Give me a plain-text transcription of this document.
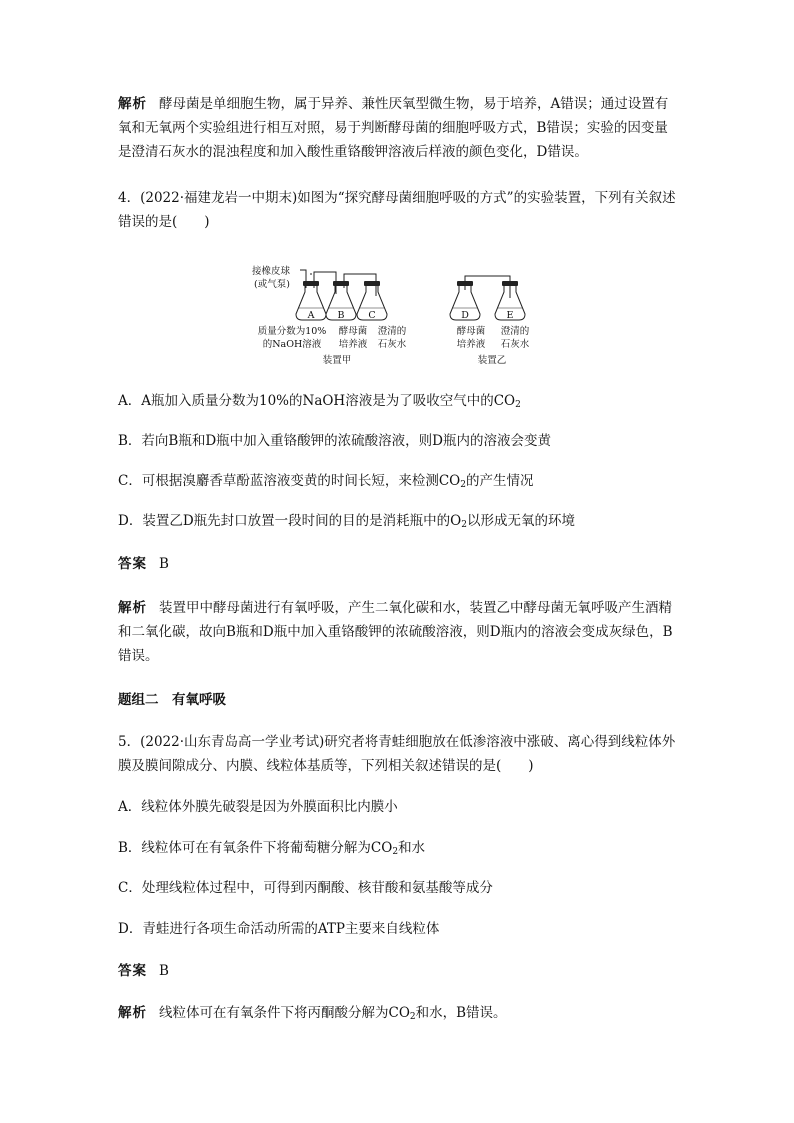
解析 酵母菌是单细胞生物，属于异养、兼性厌氧型微生物，易于培养，A错误；通过设置有氧和无氧两个实验组进行相互对照，易于判断酵母菌的细胞呼吸方式，B错误；实验的因变量是澄清石灰水的混浊程度和加入酸性重铬酸钾溶液后样液的颜色变化，D错误。

4．(2022·福建龙岩一中期末)如图为“探究酵母菌细胞呼吸的方式”的实验装置，下列有关叙述错误的是(　　)

接橡皮球
(或气泵)
A B	C	D	E
质量分数为10%
的NaOH溶液
酵母菌
培养液
澄清的
石灰水
酵母菌
培养液
澄清的
石灰水
装置甲	装置乙

A．A瓶加入质量分数为10%的NaOH溶液是为了吸收空气中的$CO_2$

B．若向B瓶和D瓶中加入重铬酸钾的浓硫酸溶液，则D瓶内的溶液会变黄

C．可根据溴麝香草酚蓝溶液变黄的时间长短，来检测$CO_2$的产生情况

D．装置乙D瓶先封口放置一段时间的目的是消耗瓶中的$O_2$以形成无氧的环境

答案 B

解析 装置甲中酵母菌进行有氧呼吸，产生二氧化碳和水，装置乙中酵母菌无氧呼吸产生酒精和二氧化碳，故向B瓶和D瓶中加入重铬酸钾的浓硫酸溶液，则D瓶内的溶液会变成灰绿色，B错误。

题组二　有氧呼吸

5．(2022·山东青岛高一学业考试)研究者将青蛙细胞放在低渗溶液中涨破、离心得到线粒体外膜及膜间隙成分、内膜、线粒体基质等，下列相关叙述错误的是(　　)

A．线粒体外膜先破裂是因为外膜面积比内膜小

B．线粒体可在有氧条件下将葡萄糖分解为$CO_2$和水

C．处理线粒体过程中，可得到丙酮酸、核苷酸和氨基酸等成分

D．青蛙进行各项生命活动所需的ATP主要来自线粒体

答案 B

解析 线粒体可在有氧条件下将丙酮酸分解为$CO_2$和水，B错误。
